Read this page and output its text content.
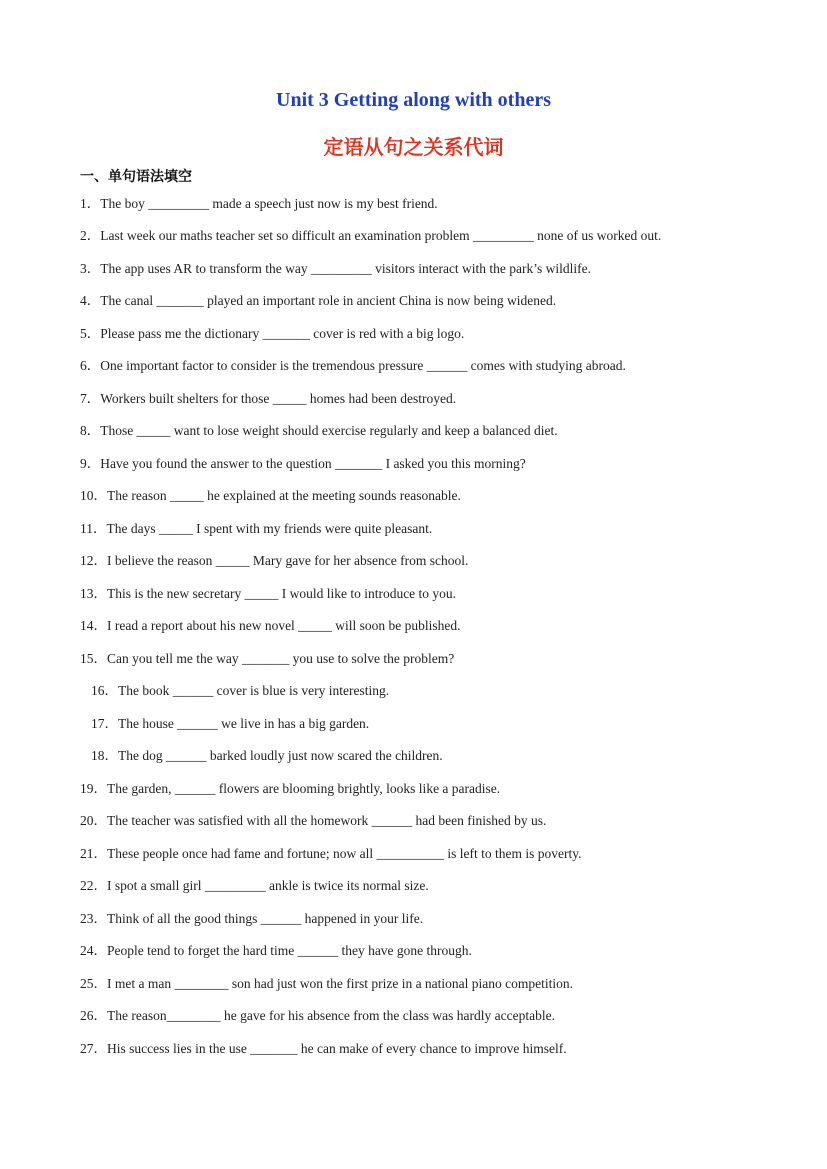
Unit 3 Getting along with others
定语从句之关系代词
一、单句语法填空
1．The boy _________ made a speech just now is my best friend.
2．Last week our maths teacher set so difficult an examination problem _________ none of us worked out.
3．The app uses AR to transform the way _________ visitors interact with the park’s wildlife.
4．The canal _______ played an important role in ancient China is now being widened.
5．Please pass me the dictionary _______ cover is red with a big logo.
6．One important factor to consider is the tremendous pressure ______ comes with studying abroad.
7．Workers built shelters for those _____ homes had been destroyed.
8．Those _____ want to lose weight should exercise regularly and keep a balanced diet.
9．Have you found the answer to the question _______ I asked you this morning?
10．The reason _____ he explained at the meeting sounds reasonable.
11．The days _____ I spent with my friends were quite pleasant.
12．I believe the reason _____ Mary gave for her absence from school.
13．This is the new secretary _____ I would like to introduce to you.
14．I read a report about his new novel _____ will soon be published.
15．Can you tell me the way _______ you use to solve the problem?
16．The book ______ cover is blue is very interesting.
17．The house ______ we live in has a big garden.
18．The dog ______ barked loudly just now scared the children.
19．The garden, ______ flowers are blooming brightly, looks like a paradise.
20．The teacher was satisfied with all the homework ______ had been finished by us.
21．These people once had fame and fortune; now all __________ is left to them is poverty.
22．I spot a small girl _________ ankle is twice its normal size.
23．Think of all the good things ______ happened in your life.
24．People tend to forget the hard time ______ they have gone through.
25．I met a man ________ son had just won the first prize in a national piano competition.
26．The reason________ he gave for his absence from the class was hardly acceptable.
27．His success lies in the use _______ he can make of every chance to improve himself.
